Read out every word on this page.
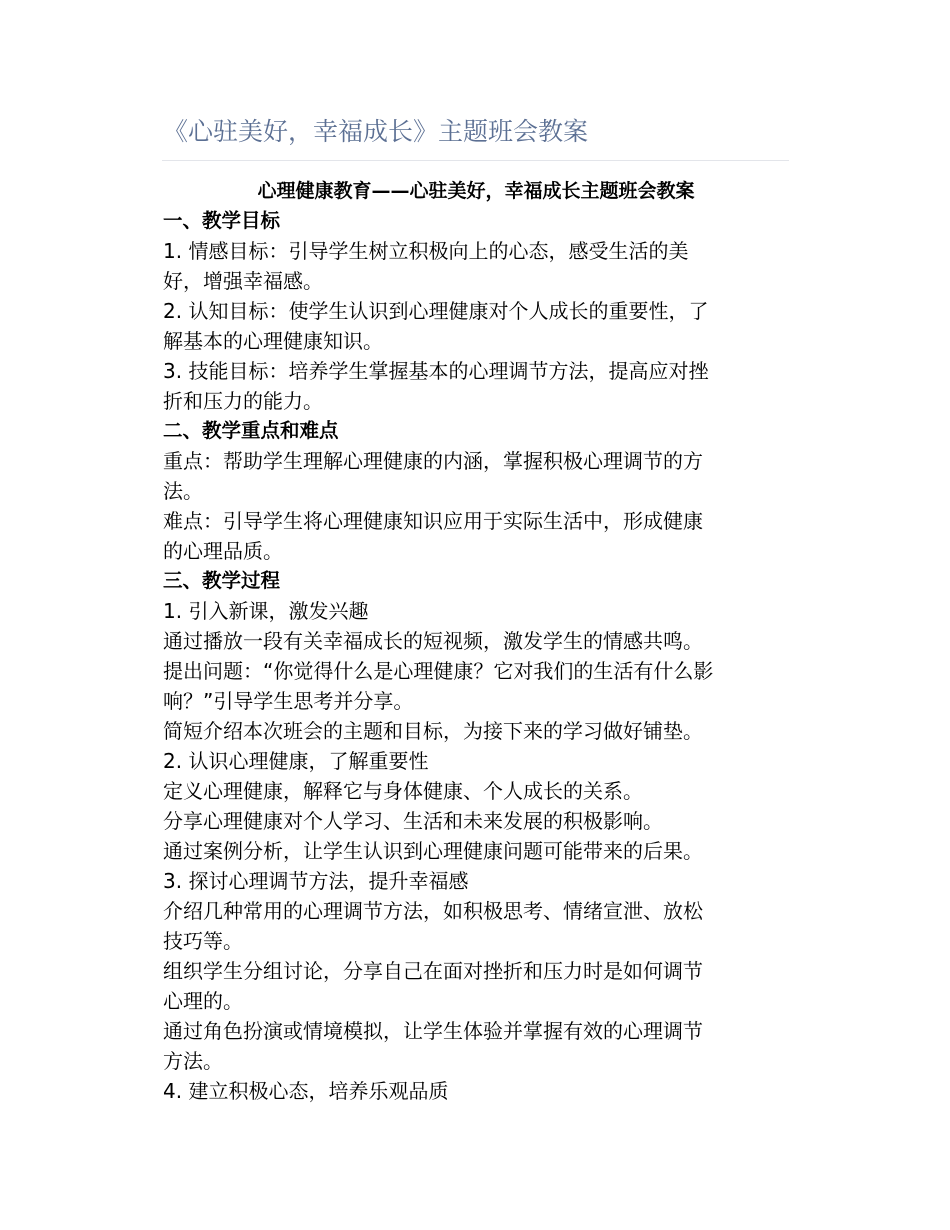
《心驻美好，幸福成长》主题班会教案
心理健康教育——心驻美好，幸福成长主题班会教案
一、教学目标
1. 情感目标：引导学生树立积极向上的心态，感受生活的美
好，增强幸福感。
2. 认知目标：使学生认识到心理健康对个人成长的重要性，了
解基本的心理健康知识。
3. 技能目标：培养学生掌握基本的心理调节方法，提高应对挫
折和压力的能力。
二、教学重点和难点
重点：帮助学生理解心理健康的内涵，掌握积极心理调节的方
法。
难点：引导学生将心理健康知识应用于实际生活中，形成健康
的心理品质。
三、教学过程
1. 引入新课，激发兴趣
通过播放一段有关幸福成长的短视频，激发学生的情感共鸣。
提出问题：“你觉得什么是心理健康？它对我们的生活有什么影
响？”引导学生思考并分享。
简短介绍本次班会的主题和目标，为接下来的学习做好铺垫。
2. 认识心理健康，了解重要性
定义心理健康，解释它与身体健康、个人成长的关系。
分享心理健康对个人学习、生活和未来发展的积极影响。
通过案例分析，让学生认识到心理健康问题可能带来的后果。
3. 探讨心理调节方法，提升幸福感
介绍几种常用的心理调节方法，如积极思考、情绪宣泄、放松
技巧等。
组织学生分组讨论，分享自己在面对挫折和压力时是如何调节
心理的。
通过角色扮演或情境模拟，让学生体验并掌握有效的心理调节
方法。
4. 建立积极心态，培养乐观品质
